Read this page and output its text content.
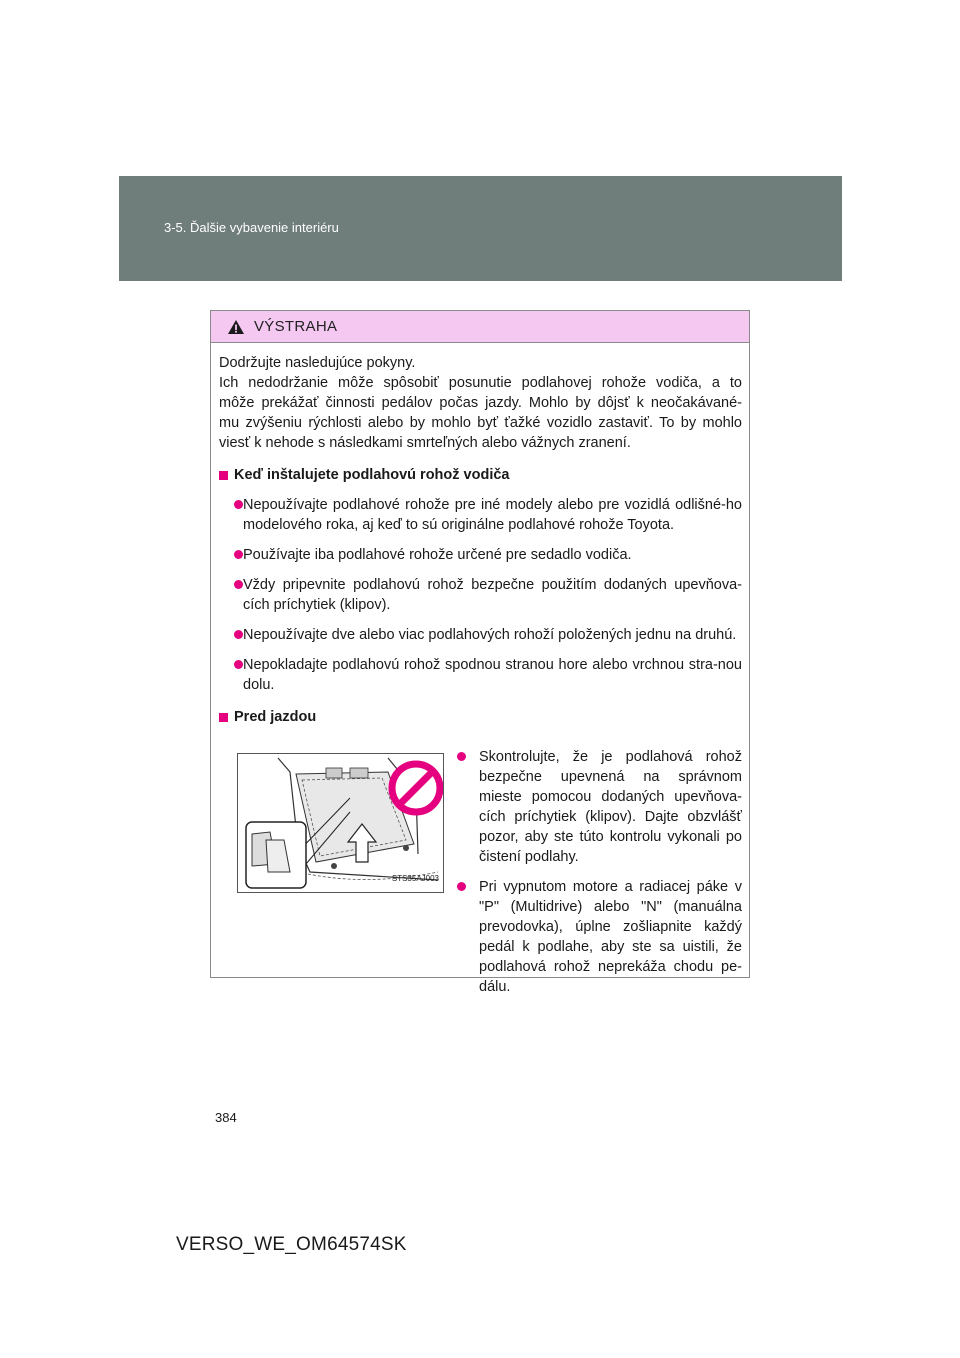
3-5. Ďalšie vybavenie interiéru
VÝSTRAHA
Dodržujte nasledujúce pokyny.
Ich nedodržanie môže spôsobiť posunutie podlahovej rohože vodiča, a to
môže prekážať činnosti pedálov počas jazdy. Mohlo by dôjsť k neočakávané-
mu zvýšeniu rýchlosti alebo by mohlo byť ťažké vozidlo zastaviť. To by mohlo
viesť k nehode s následkami smrteľných alebo vážnych zranení.
Keď inštalujete podlahovú rohož vodiča
Nepoužívajte podlahové rohože pre iné modely alebo pre vozidlá odlišné-ho modelového roka, aj keď to sú originálne podlahové rohože Toyota.
Používajte iba podlahové rohože určené pre sedadlo vodiča.
Vždy pripevnite podlahovú rohož bezpečne použitím dodaných upevňova-cích príchytiek (klipov).
Nepoužívajte dve alebo viac podlahových rohoží položených jednu na druhú.
Nepokladajte podlahovú rohož spodnou stranou hore alebo vrchnou stra-nou dolu.
Pred jazdou
STS35AJ003
Skontrolujte, že je podlahová rohož bezpečne upevnená na správnom mieste pomocou dodaných upevňova-cích príchytiek (klipov). Dajte obzvlášť pozor, aby ste túto kontrolu vykonali po čistení podlahy.
Pri vypnutom motore a radiacej páke v "P" (Multidrive) alebo "N" (manuálna prevodovka), úplne zošliapnite každý pedál k podlahe, aby ste sa uistili, že podlahová rohož neprekáža chodu pe-dálu.
384
VERSO_WE_OM64574SK
